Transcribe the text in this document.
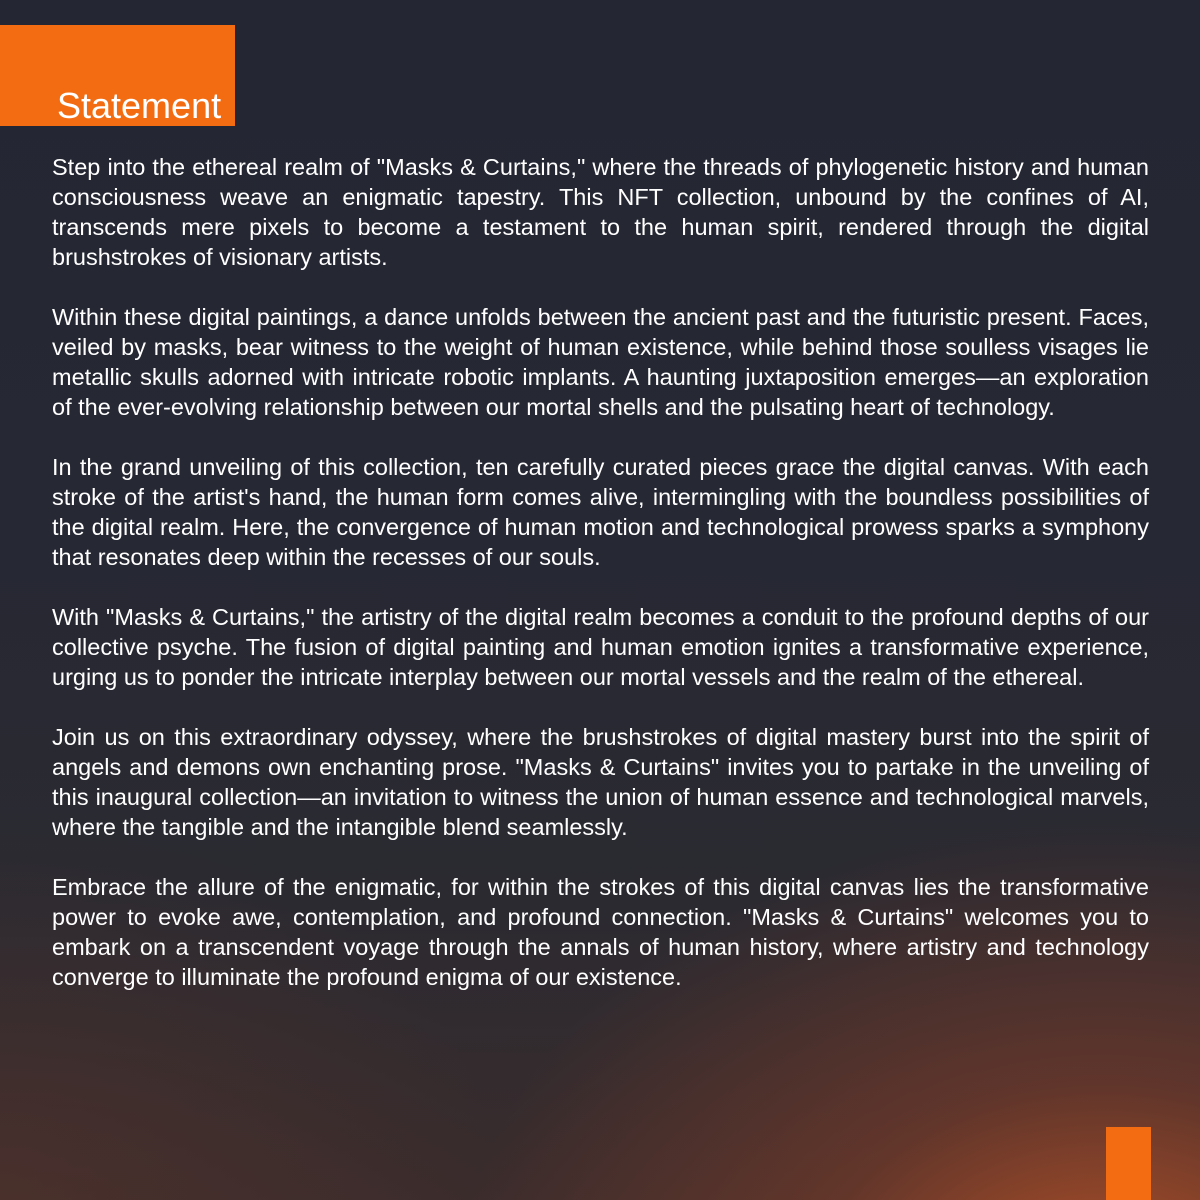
Statement

Step into the ethereal realm of "Masks & Curtains," where the threads of phylogenetic history and human consciousness weave an enigmatic tapestry. This NFT collection, unbound by the confines of AI, transcends mere pixels to become a testament to the human spirit, rendered through the digital brushstrokes of visionary artists.

Within these digital paintings, a dance unfolds between the ancient past and the futuristic present. Faces, veiled by masks, bear witness to the weight of human existence, while behind those soulless visages lie metallic skulls adorned with intricate robotic implants. A haunting juxtaposition emerges—an exploration of the ever-evolving relationship between our mortal shells and the pulsating heart of technology.

In the grand unveiling of this collection, ten carefully curated pieces grace the digital canvas. With each stroke of the artist's hand, the human form comes alive, intermingling with the boundless possibilities of the digital realm. Here, the convergence of human motion and technological prowess sparks a symphony that resonates deep within the recesses of our souls.

With "Masks & Curtains," the artistry of the digital realm becomes a conduit to the profound depths of our collective psyche. The fusion of digital painting and human emotion ignites a transformative experience, urging us to ponder the intricate interplay between our mortal vessels and the realm of the ethereal.

Join us on this extraordinary odyssey, where the brushstrokes of digital mastery burst into the spirit of angels and demons own enchanting prose. "Masks & Curtains" invites you to partake in the unveiling of this inaugural collection—an invitation to witness the union of human essence and technological marvels, where the tangible and the intangible blend seamlessly.

Embrace the allure of the enigmatic, for within the strokes of this digital canvas lies the transformative power to evoke awe, contemplation, and profound connection. "Masks & Curtains" welcomes you to embark on a transcendent voyage through the annals of human history, where artistry and technology converge to illuminate the profound enigma of our existence.
